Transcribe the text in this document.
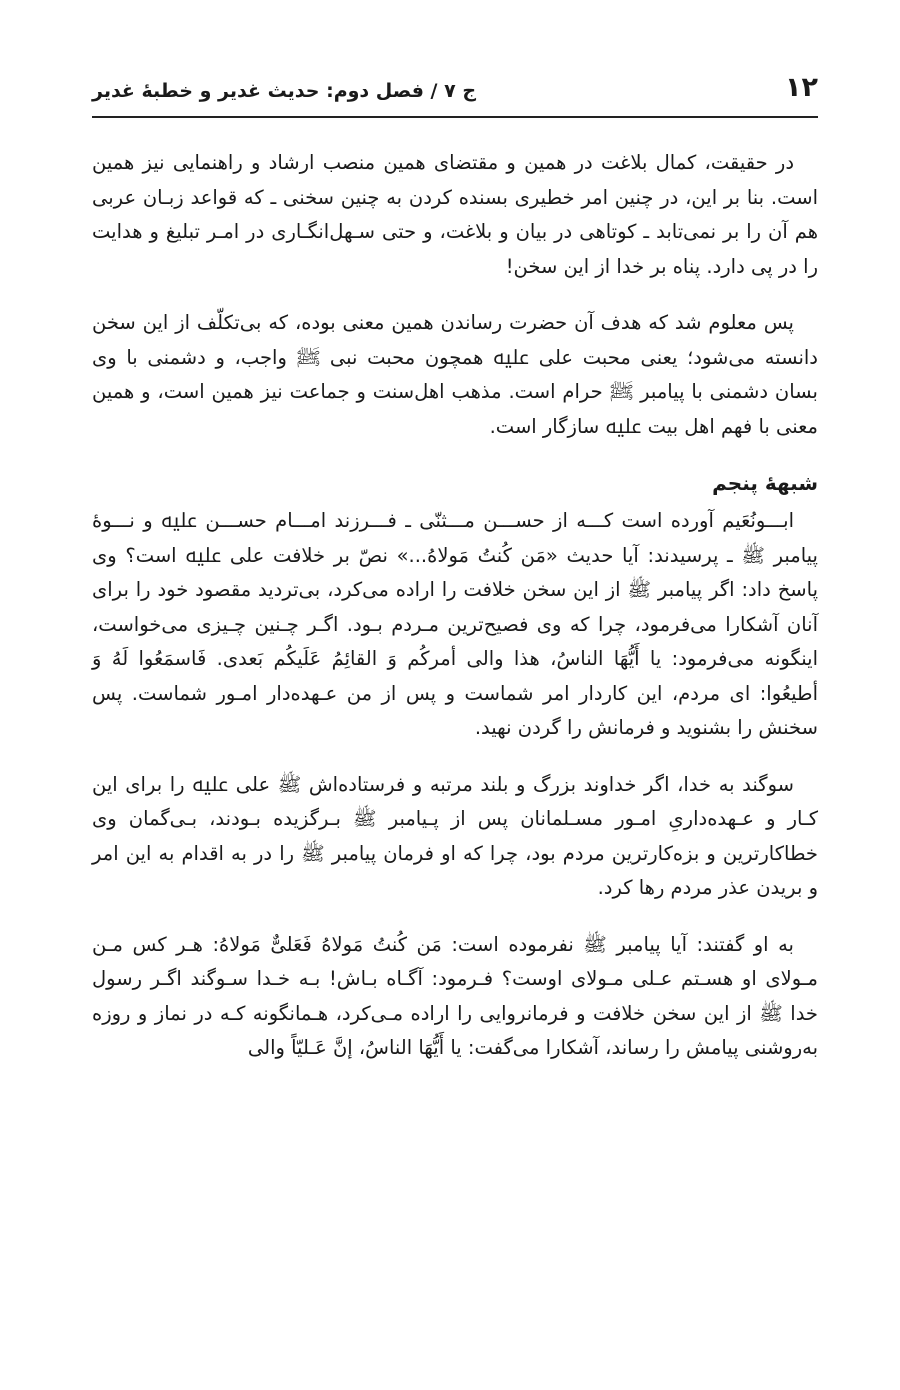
۱۲
ج ۷ / فصل دوم: حدیث غدیر و خطبهٔ غدیر

در حقیقت، کمال بلاغت در همین و مقتضای همین منصب ارشاد و راهنمایی نیز همین است. بنا بر این، در چنین امر خطیری بسنده کردن به چنین سخنی ـ که قواعد زبـان عربی هم آن را بر نمی‌تابد ـ کوتاهی در بیان و بلاغت، و حتی سـهل‌انگـاری در امـر تبلیغ و هدایت را در پی دارد. پناه بر خدا از این سخن!

پس معلوم شد که هدف آن حضرت رساندن همین معنی بوده، که بی‌تکلّف از این سخن دانسته می‌شود؛ یعنی محبت علی ﷷ همچون محبت نبی ﷺ واجب، و دشمنی با وی بسان دشمنی با پیامبر ﷺ حرام است. مذهب اهل‌سنت و جماعت نیز همین است، و همین معنی با فهم اهل بیت ﷷ سازگار است.

شبههٔ پنجم

ابـــونُعَیم آورده است کـــه از حســـن مـــثنّی ـ فـــرزند امـــام حســـن ﷷ و نـــوهٔ پیامبر ﷺ ـ پرسیدند: آیا حدیث «مَن کُنتُ مَولاهُ...» نصّ بر خلافت علی ﷷ است؟ وی پاسخ داد: اگر پیامبر ﷺ از این سخن خلافت را اراده می‌کرد، بی‌تردید مقصود خود را برای آنان آشکارا می‌فرمود، چرا که وی فصیح‌ترین مـردم بـود. اگـر چـنین چـیزی می‌خواست، اینگونه می‌فرمود: یا أَیُّهَا الناسُ، هذا والی أمرکُم وَ القائِمُ عَلَیکُم بَعدی. فَاسمَعُوا لَهُ وَ أطیعُوا: ای مردم، این کاردار امر شماست و پس از من عـهده‌دار امـور شماست. پس سخنش را بشنوید و فرمانش را گردن نهید.

سوگند به خدا، اگر خداوند بزرگ و بلند مرتبه و فرستاده‌اش ﷺ علی ﷷ را برای این کـار و عـهده‌داریِ امـور مسـلمانان پس از پـیامبر ﷺ بـرگزیده بـودند، بـی‌گمان وی خطاکارترین و بزه‌کارترین مردم بود، چرا که او فرمان پیامبر ﷺ را در به اقدام به این امر و بریدن عذر مردم رها کرد.

به او گفتند: آیا پیامبر ﷺ نفرموده است: مَن کُنتُ مَولاهُ فَعَلیٌّ مَولاهُ: هـر کس مـن مـولای او هسـتم عـلی مـولای اوست؟ فـرمود: آگـاه بـاش! بـه خـدا سـوگند اگـر رسول خدا ﷺ از این سخن خلافت و فرمانروایی را اراده مـی‌کرد، هـمانگونه کـه در نماز و روزه به‌روشنی پیامش را رساند، آشکارا می‌گفت: یا أَیُّهَا الناسُ، إنَّ عَـلیّاً والی
